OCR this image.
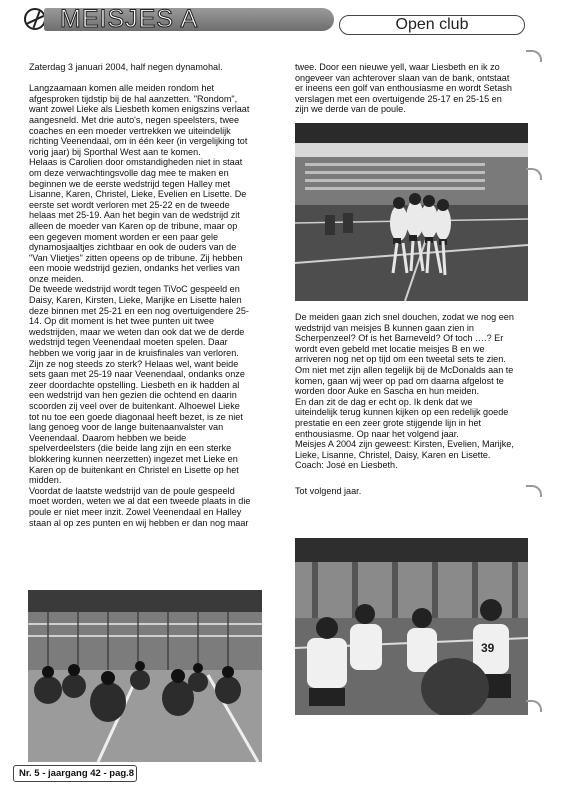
MEISJES A	Open club

Zaterdag 3 januari 2004, half negen dynamohal.

Langzaamaan komen alle meiden rondom het
afgesproken tijdstip bij de hal aanzetten. "Rondom",
want zowel Lieke als Liesbeth komen enigszins verlaat
aangesneld. Met drie auto's, negen speelsters, twee
coaches en een moeder vertrekken we uiteindelijk
richting Veenendaal, om in één keer (in vergelijking tot
vorig jaar) bij Sporthal West aan te komen.
Helaas is Carolien door omstandigheden niet in staat
om deze verwachtingsvolle dag mee te maken en
beginnen we de eerste wedstrijd tegen Halley met
Lisanne, Karen, Christel, Lieke, Evelien en Lisette. De
eerste set wordt verloren met 25-22 en de tweede
helaas met 25-19. Aan het begin van de wedstrijd zit
alleen de moeder van Karen op de tribune, maar op
een gegeven moment worden er een paar gele
dynamosjaaltjes zichtbaar en ook de ouders van de
"Van Vlietjes" zitten opeens op de tribune. Zij hebben
een mooie wedstrijd gezien, ondanks het verlies van
onze meiden.
De tweede wedstrijd wordt tegen TiVoC gespeeld en
Daisy, Karen, Kirsten, Lieke, Marijke en Lisette halen
deze binnen met 25-21 en een nog overtuigendere 25-
14. Op dit moment is het twee punten uit twee
wedstrijden, maar we weten dan ook dat we de derde
wedstrijd tegen Veenendaal moeten spelen. Daar
hebben we vorig jaar in de kruisfinales van verloren.
Zijn ze nog steeds zo sterk? Helaas wel, want beide
sets gaan met 25-19 naar Veenendaal, ondanks onze
zeer doordachte opstelling. Liesbeth en ik hadden al
een wedstrijd van hen gezien die ochtend en daarin
scoorden zij veel over de buitenkant. Alhoewel Lieke
tot nu toe een goede diagonaal heeft bezet, is ze niet
lang genoeg voor de lange buitenaanvalster van
Veenendaal. Daarom hebben we beide
spelverdeelsters (die beide lang zijn en een sterke
blokkering kunnen neerzetten) ingezet met Lieke en
Karen op de buitenkant en Christel en Lisette op het
midden.
Voordat de laatste wedstrijd van de poule gespeeld
moet worden, weten we al dat een tweede plaats in die
poule er niet meer inzit. Zowel Veenendaal en Halley
staan al op zes punten en wij hebben er dan nog maar

twee. Door een nieuwe yell, waar Liesbeth en ik zo
ongeveer van achterover slaan van de bank, ontstaat
er ineens een golf van enthousiasme en wordt Setash
verslagen met een overtuigende 25-17 en 25-15 en
zijn we derde van de poule.

De meiden gaan zich snel douchen, zodat we nog een
wedstrijd van meisjes B kunnen gaan zien in
Scherpenzeel? Of is het Barneveld? Of toch ….? Er
wordt even gebeld met locatie meisjes B en we
arriveren nog net op tijd om een tweetal sets te zien.
Om niet met zijn allen tegelijk bij de McDonalds aan te
komen, gaan wij weer op pad om daarna afgelost te
worden door Auke en Sascha en hun meiden.
En dan zit de dag er echt op. Ik denk dat we
uiteindelijk terug kunnen kijken op een redelijk goede
prestatie en een zeer grote stijgende lijn in het
enthousiasme. Op naar het volgend jaar.
Meisjes A 2004 zijn geweest: Kirsten, Evelien, Marijke,
Lieke, Lisanne, Christel, Daisy, Karen en Lisette.
Coach: José en Liesbeth.

Tot volgend jaar.

39
Nr. 5 - jaargang 42 - pag.8
